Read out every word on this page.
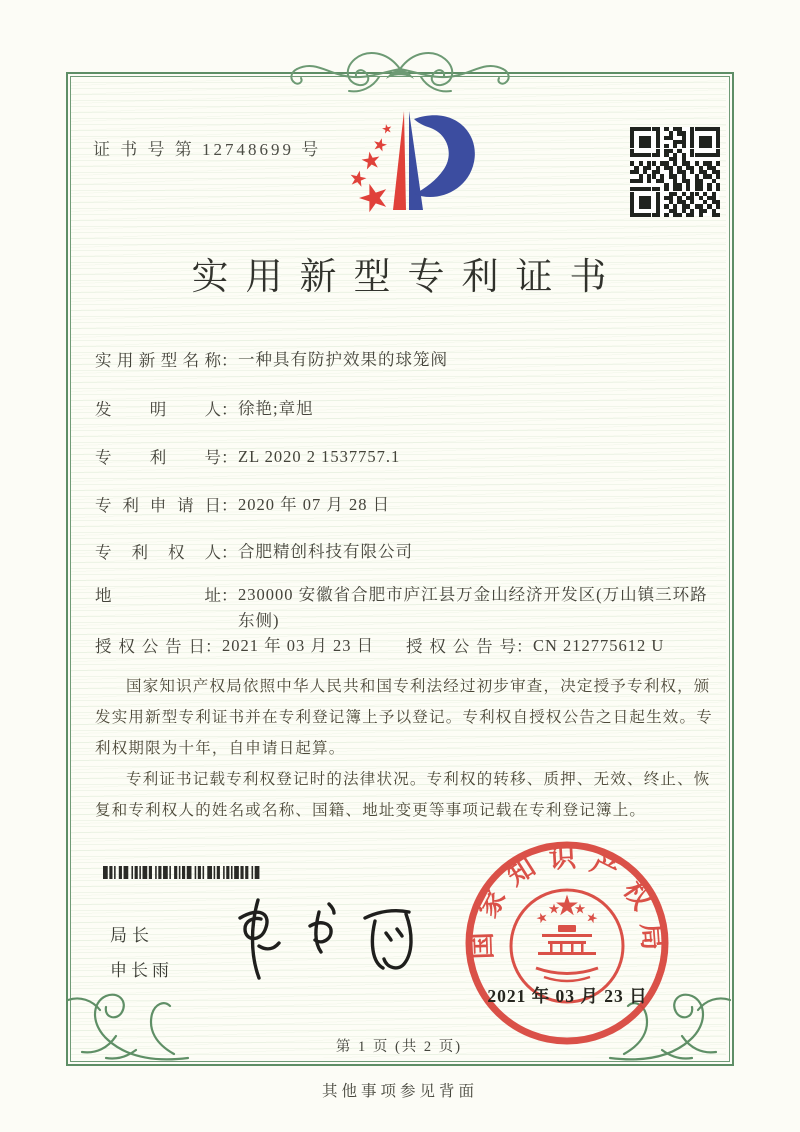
证 书 号 第 12748699 号
实用新型专利证书
实用新型名称：一种具有防护效果的球笼阀
发明人：徐艳;章旭
专利号：ZL 2020 2 1537757.1
专利申请日：2020 年 07 月 28 日
专利权人：合肥精创科技有限公司
地址：230000 安徽省合肥市庐江县万金山经济开发区(万山镇三环路东侧)
授权公告日：2021 年 03 月 23 日 授权公告号：CN 212775612 U

国家知识产权局依照中华人民共和国专利法经过初步审查，决定授予专利权，颁发实用新型专利证书并在专利登记簿上予以登记。专利权自授权公告之日起生效。专利权期限为十年，自申请日起算。

专利证书记载专利权登记时的法律状况。专利权的转移、质押、无效、终止、恢复和专利权人的姓名或名称、国籍、地址变更等事项记载在专利登记簿上。

局长
申长雨
国家知识产权局
2021 年 03 月 23 日
第 1 页 (共 2 页)
其他事项参见背面
